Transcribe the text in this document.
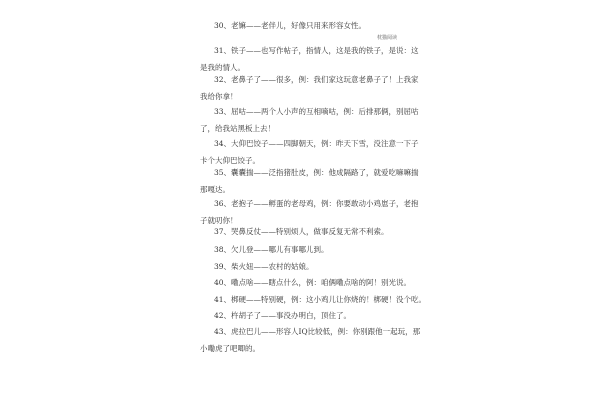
枕猫阅读

30、老嫲——老伴儿，好像只用来形容女性。

31、铁子——也写作帖子，指情人，这是我的铁子，是说：这
是我的情人。

32、老鼻子了——很多，例：我们家这玩意老鼻子了！上我家
我给你拿！

33、屈咕——两个人小声的互相嘀咕，例：后排那俩，别屈咕
了，给我站黑板上去！

34、大仰巴饺子——四脚朝天，例：昨天下雪，没注意一下子
卡个大仰巴饺子。

35、囊囊揣——泛指猪肚皮，例：他成隔路了，就爱吃嘛嘛揣
那嘎达。

36、老抱子——孵蛋的老母鸡，例：你要敢动小鸡崽子，老抱
子就叨你！

37、哭鼻反仗——特别烦人，做事反复无常不利索。

38、欠儿登——哪儿有事哪儿到。

39、柴火妞——农村的姑娘。

40、嘞点啥——瞎点什么，例：咱俩嘞点啥的阿！别光说。

41、梆硬——特别硬，例：这小鸡儿让你烧的！梆硬！没个吃。

42、杵胡子了——事没办明白，顶住了。

43、虎拉巴儿——形容人IQ比较低，例：你别跟他一起玩，那
小嘞虎了吧唧的。
